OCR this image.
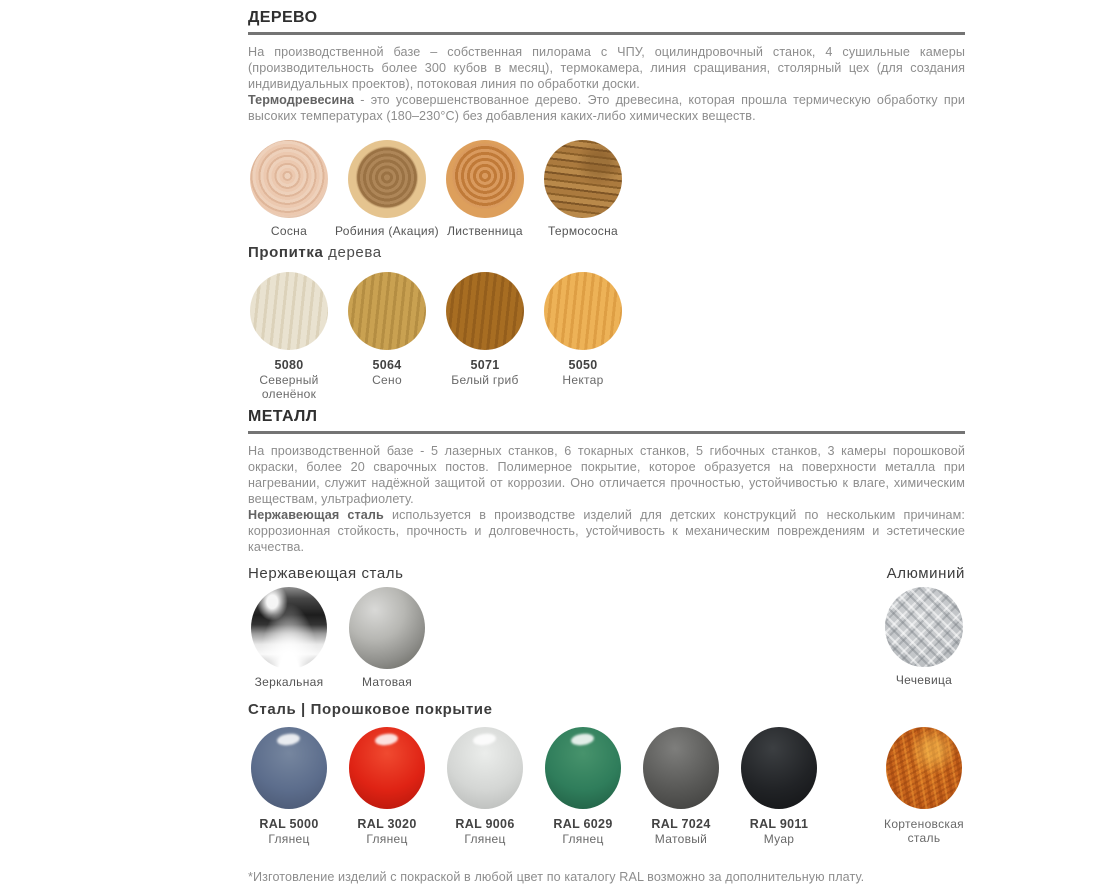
ДЕРЕВО

На производственной базе – собственная пилорама с ЧПУ, оцилиндровочный станок, 4 сушильные камеры (производительность более 300 кубов в месяц), термокамера, линия сращивания, столярный цех (для создания индивидуальных проектов), потоковая линия по обработки доски.

Термодревесина - это усовершенствованное дерево. Это древесина, которая прошла термическую обработку при высоких температурах (180–230°С) без добавления каких-либо химических веществ.

Сосна Робиния (Акация) Лиственница Термососна

Пропитка дерева

5080
Северный оленёнок
5064
Сено
5071
Белый гриб
5050
Нектар
МЕТАЛЛ

На производственной базе - 5 лазерных станков, 6 токарных станков, 5 гибочных станков, 3 камеры порошковой окраски, более 20 сварочных постов. Полимерное покрытие, которое образуется на поверхности металла при нагревании, служит надёжной защитой от коррозии. Оно отличается прочностью, устойчивостью к влаге, химическим веществам, ультрафиолету.

Нержавеющая сталь используется в производстве изделий для детских конструкций по нескольким причинам: коррозионная стойкость, прочность и долговечность, устойчивость к механическим повреждениям и эстетические качества.

Нержавеющая сталь	Алюминий

Зеркальная	Матовая	Чечевица

Сталь | Порошковое покрытие

RAL 5000
Глянец
RAL 3020
Глянец
RAL 9006
Глянец
RAL 6029
Глянец
RAL 7024
Матовый
RAL 9011
Муар
Кортеновская сталь

*Изготовление изделий с покраской в любой цвет по каталогу RAL возможно за дополнительную плату.
